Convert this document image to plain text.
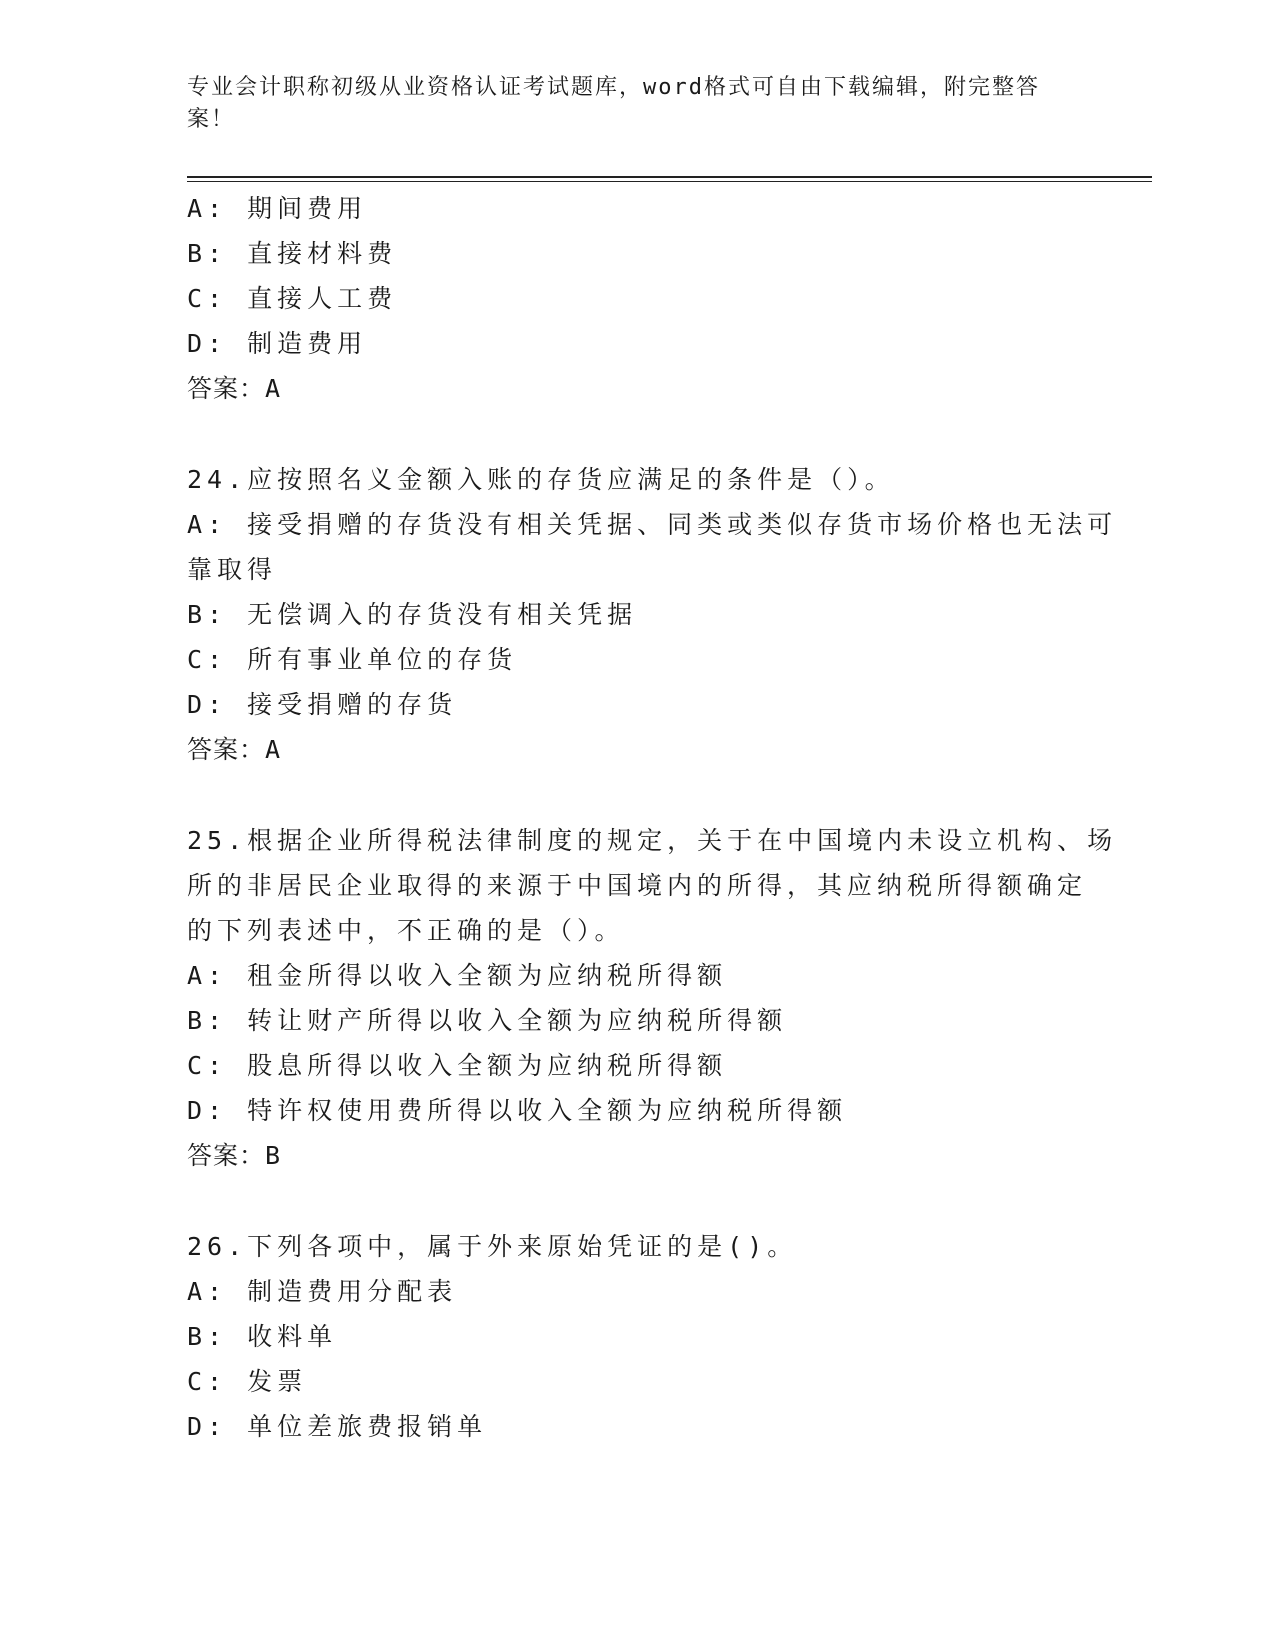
专业会计职称初级从业资格认证考试题库，word格式可自由下载编辑，附完整答案！
A: 期间费用
B: 直接材料费
C: 直接人工费
D: 制造费用
答案：A
24.应按照名义金额入账的存货应满足的条件是（）。
A: 接受捐赠的存货没有相关凭据、同类或类似存货市场价格也无法可
靠取得
B: 无偿调入的存货没有相关凭据
C: 所有事业单位的存货
D: 接受捐赠的存货
答案：A
25.根据企业所得税法律制度的规定，关于在中国境内未设立机构、场
所的非居民企业取得的来源于中国境内的所得，其应纳税所得额确定
的下列表述中，不正确的是（）。
A: 租金所得以收入全额为应纳税所得额
B: 转让财产所得以收入全额为应纳税所得额
C: 股息所得以收入全额为应纳税所得额
D: 特许权使用费所得以收入全额为应纳税所得额
答案：B
26.下列各项中，属于外来原始凭证的是()。
A: 制造费用分配表
B: 收料单
C: 发票
D: 单位差旅费报销单
